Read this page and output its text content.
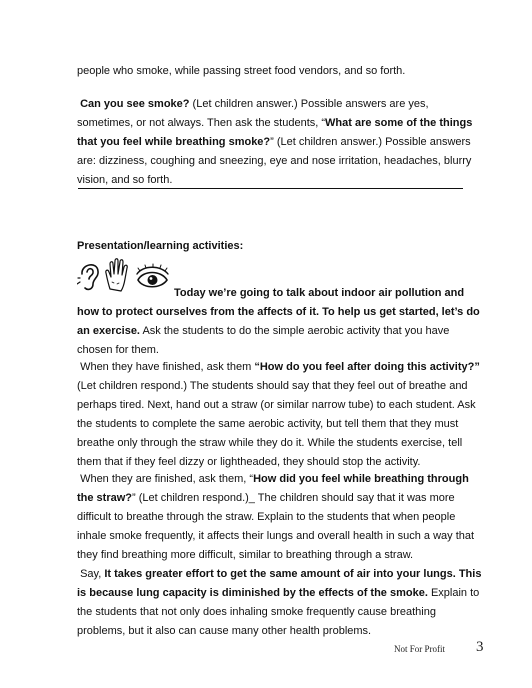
people who smoke, while passing street food vendors, and so forth.

Can you see smoke? (Let children answer.) Possible answers are yes, sometimes, or not always. Then ask the students, “What are some of the things that you feel while breathing smoke?” (Let children answer.) Possible answers are: dizziness, coughing and sneezing, eye and nose irritation, headaches, blurry vision, and so forth.

Presentation/learning activities:

Today we’re going to talk about indoor air pollution and how to protect ourselves from the affects of it. To help us get started, let’s do an exercise. Ask the students to do the simple aerobic activity that you have chosen for them.

When they have finished, ask them “How do you feel after doing this activity?” (Let children respond.) The students should say that they feel out of breathe and perhaps tired. Next, hand out a straw (or similar narrow tube) to each student. Ask the students to complete the same aerobic activity, but tell them that they must breathe only through the straw while they do it. While the students exercise, tell them that if they feel dizzy or lightheaded, they should stop the activity.

When they are finished, ask them, “How did you feel while breathing through the straw?” (Let children respond.)_ The children should say that it was more difficult to breathe through the straw. Explain to the students that when people inhale smoke frequently, it affects their lungs and overall health in such a way that they find breathing more difficult, similar to breathing through a straw.

Say, It takes greater effort to get the same amount of air into your lungs. This is because lung capacity is diminished by the effects of the smoke. Explain to the students that not only does inhaling smoke frequently cause breathing problems, but it also can cause many other health problems.

Not For Profit 3
